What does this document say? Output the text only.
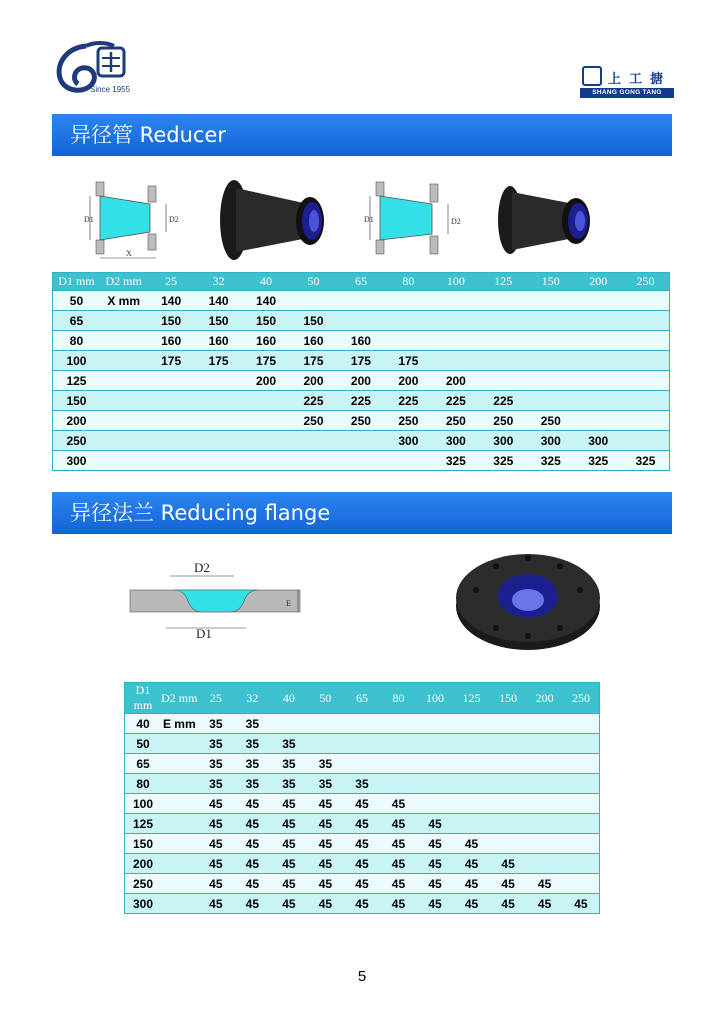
Since 1955
上工搪
SHANG GONG TANG
异径管 Reducer
D1	D2
X
D1	D2
D1 mm	D2 mm	25	32	40	50	65	80	100	125	150	200	250
50	X mm	140	140	140								
65		150	150	150	150							
80		160	160	160	160	160						
100		175	175	175	175	175	175					
125				200	200	200	200	200				
150					225	225	225	225	225			
200					250	250	250	250	250	250		
250							300	300	300	300	300	
300								325	325	325	325	325
异径法兰 Reducing flange
D2
D1
E
D1 mm	D2 mm	25	32	40	50	65	80	100	125	150	200	250
40	E mm	35	35									
50		35	35	35								
65		35	35	35	35							
80		35	35	35	35	35						
100		45	45	45	45	45	45					
125		45	45	45	45	45	45	45				
150		45	45	45	45	45	45	45	45			
200		45	45	45	45	45	45	45	45	45		
250		45	45	45	45	45	45	45	45	45	45	
300		45	45	45	45	45	45	45	45	45	45	45
5
